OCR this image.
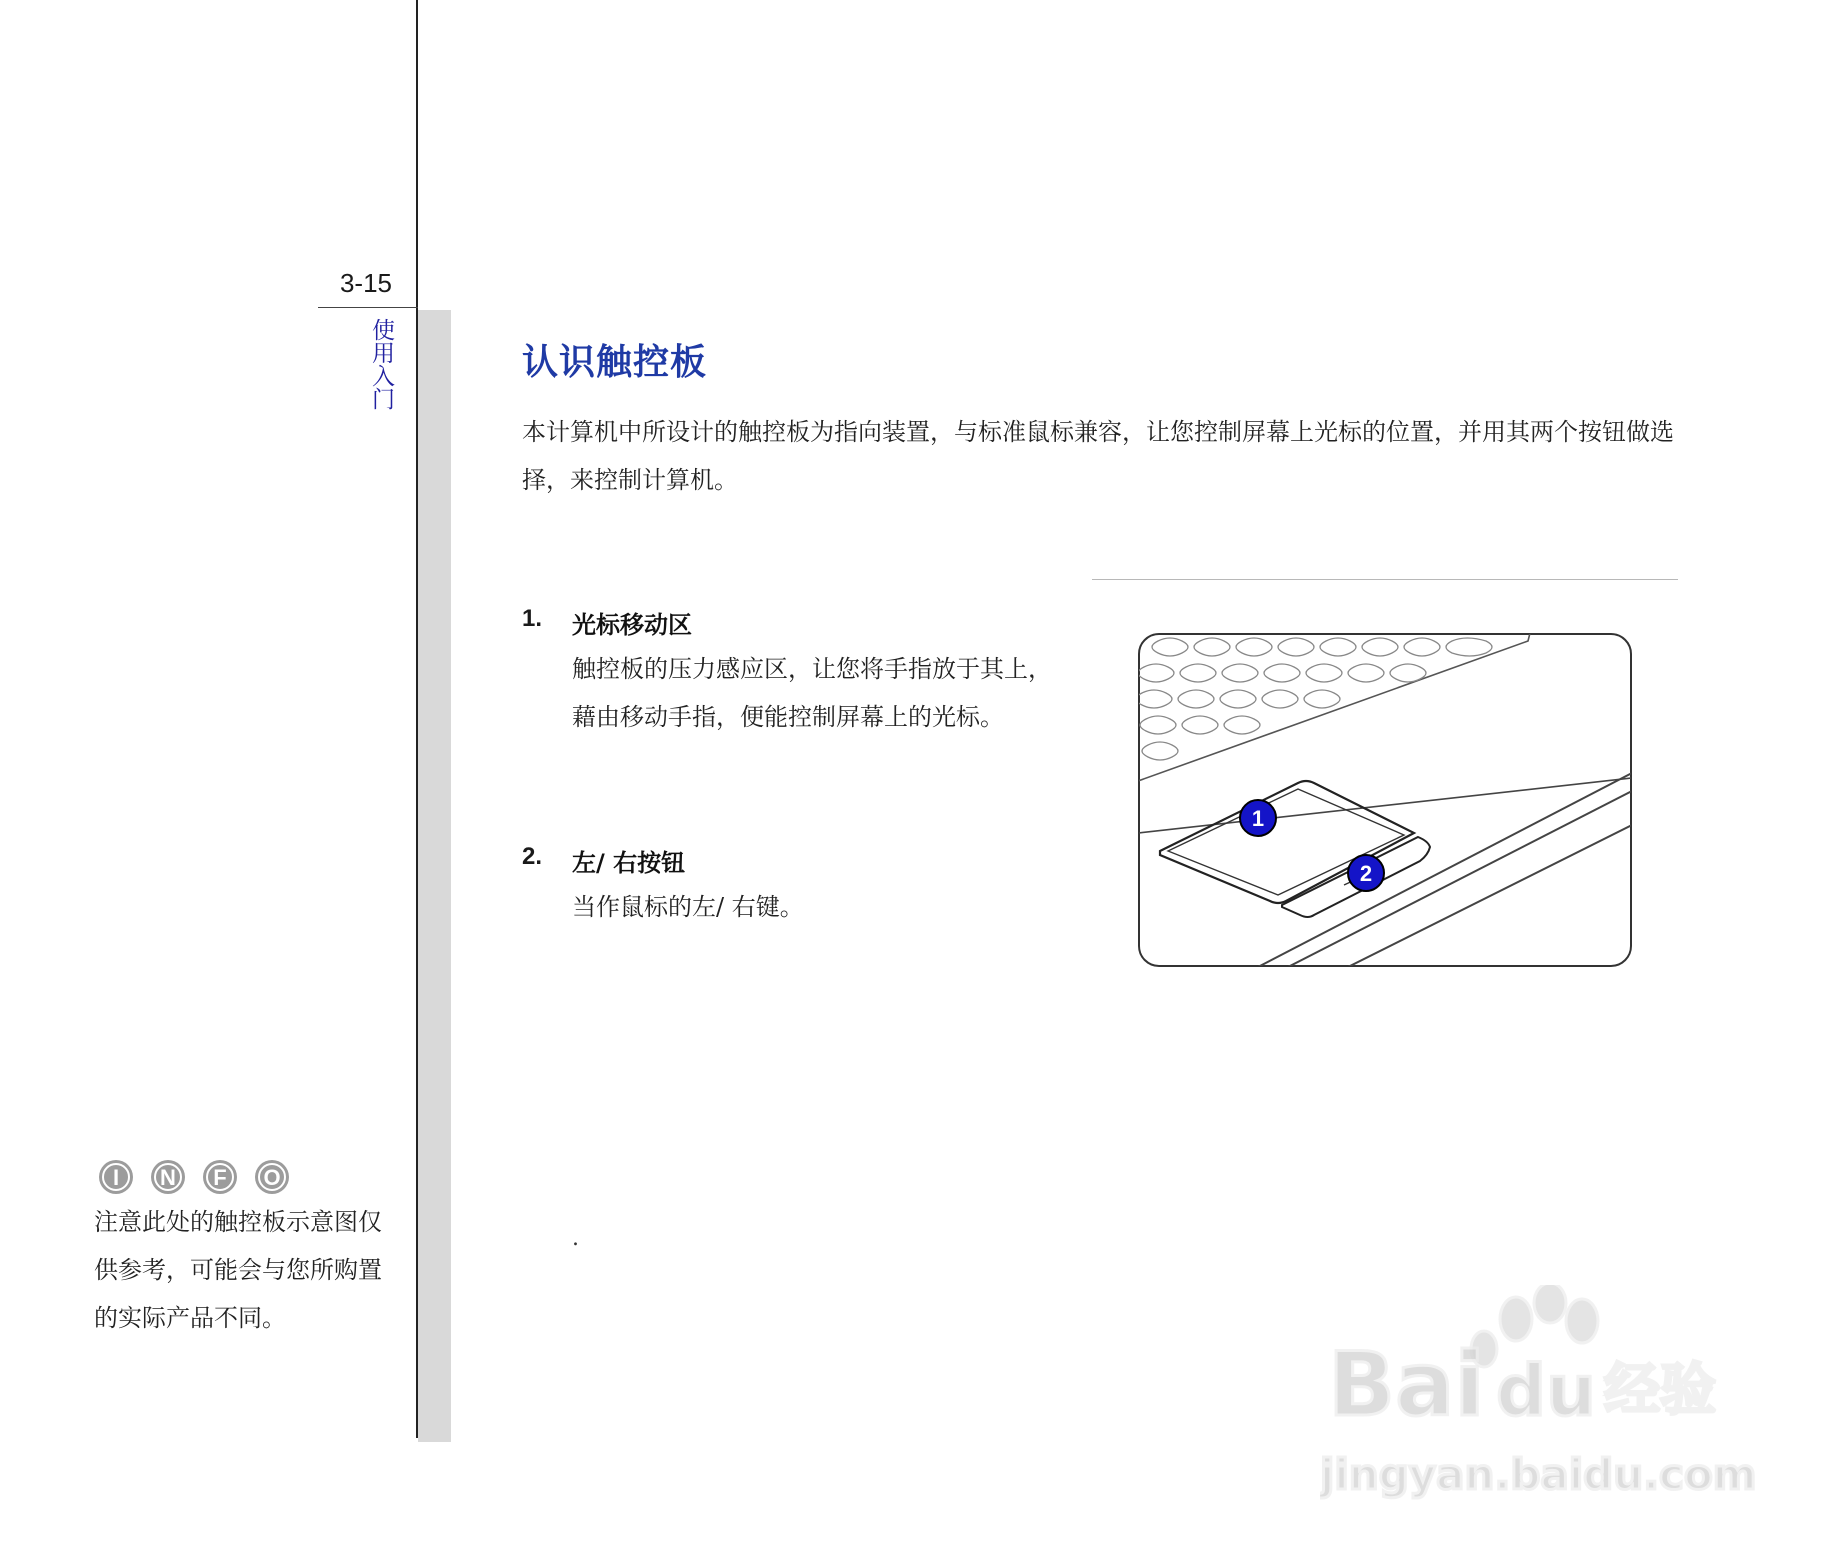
3-15
使用入门	认识触控板
本计算机中所设计的触控板为指向装置，与标准鼠标兼容，让您控制屏幕上光标的位置，并用其两个按钮做选择，来控制计算机。
1. 光标移动区
触控板的压力感应区，让您将手指放于其上，藉由移动手指，便能控制屏幕上的光标。
2. 左/ 右按钮
当作鼠标的左/ 右键。
.
1
2
I N F O
注意此处的触控板示意图仅供参考，可能会与您所购置的实际产品不同。
Bai du 经验
jingyan.baidu.com
